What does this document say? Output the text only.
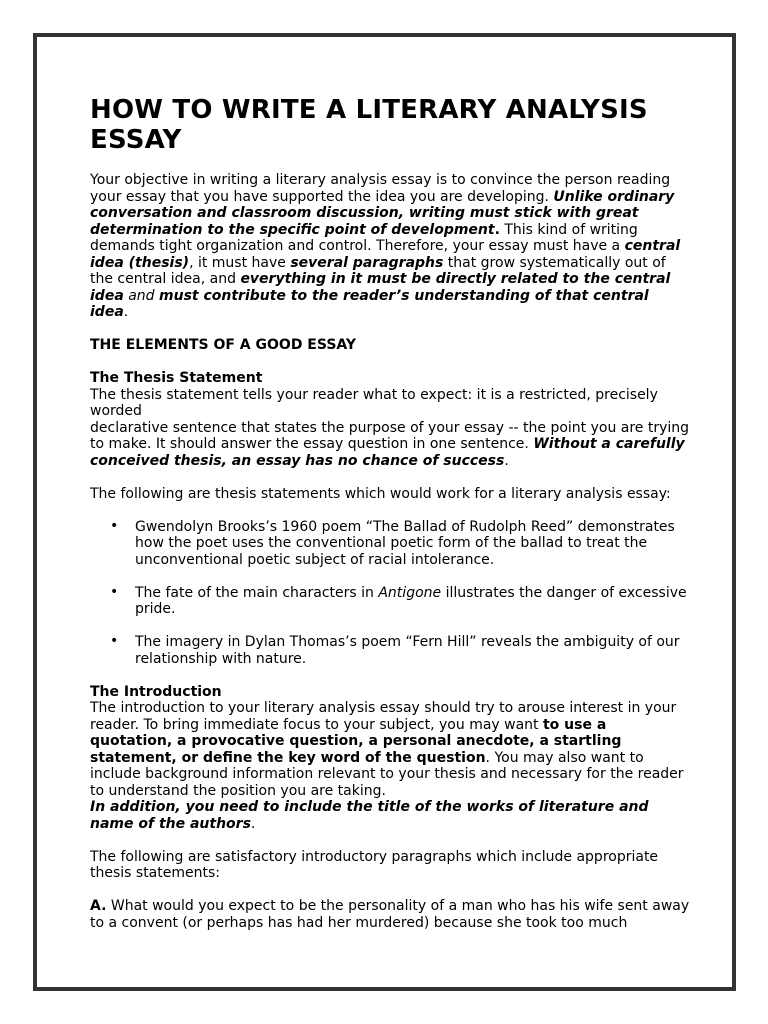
HOW TO WRITE A LITERARY ANALYSIS ESSAY

Your objective in writing a literary analysis essay is to convince the person reading your essay that you have supported the idea you are developing. Unlike ordinary conversation and classroom discussion, writing must stick with great determination to the specific point of development. This kind of writing demands tight organization and control. Therefore, your essay must have a central idea (thesis), it must have several paragraphs that grow systematically out of the central idea, and everything in it must be directly related to the central idea and must contribute to the reader’s understanding of that central idea.

THE ELEMENTS OF A GOOD ESSAY

The Thesis Statement

The thesis statement tells your reader what to expect: it is a restricted, precisely worded

declarative sentence that states the purpose of your essay -- the point you are trying to make. It should answer the essay question in one sentence. Without a carefully conceived thesis, an essay has no chance of success.

The following are thesis statements which would work for a literary analysis essay:

• Gwendolyn Brooks’s 1960 poem “The Ballad of Rudolph Reed” demonstrates how the poet uses the conventional poetic form of the ballad to treat the unconventional poetic subject of racial intolerance.
• The fate of the main characters in Antigone illustrates the danger of excessive pride.
• The imagery in Dylan Thomas’s poem “Fern Hill” reveals the ambiguity of our relationship with nature.

The Introduction

The introduction to your literary analysis essay should try to arouse interest in your reader. To bring immediate focus to your subject, you may want to use a quotation, a provocative question, a personal anecdote, a startling statement, or define the key word of the question. You may also want to include background information relevant to your thesis and necessary for the reader to understand the position you are taking.

In addition, you need to include the title of the works of literature and name of the authors.

The following are satisfactory introductory paragraphs which include appropriate thesis statements:

A. What would you expect to be the personality of a man who has his wife sent away to a convent (or perhaps has had her murdered) because she took too much
